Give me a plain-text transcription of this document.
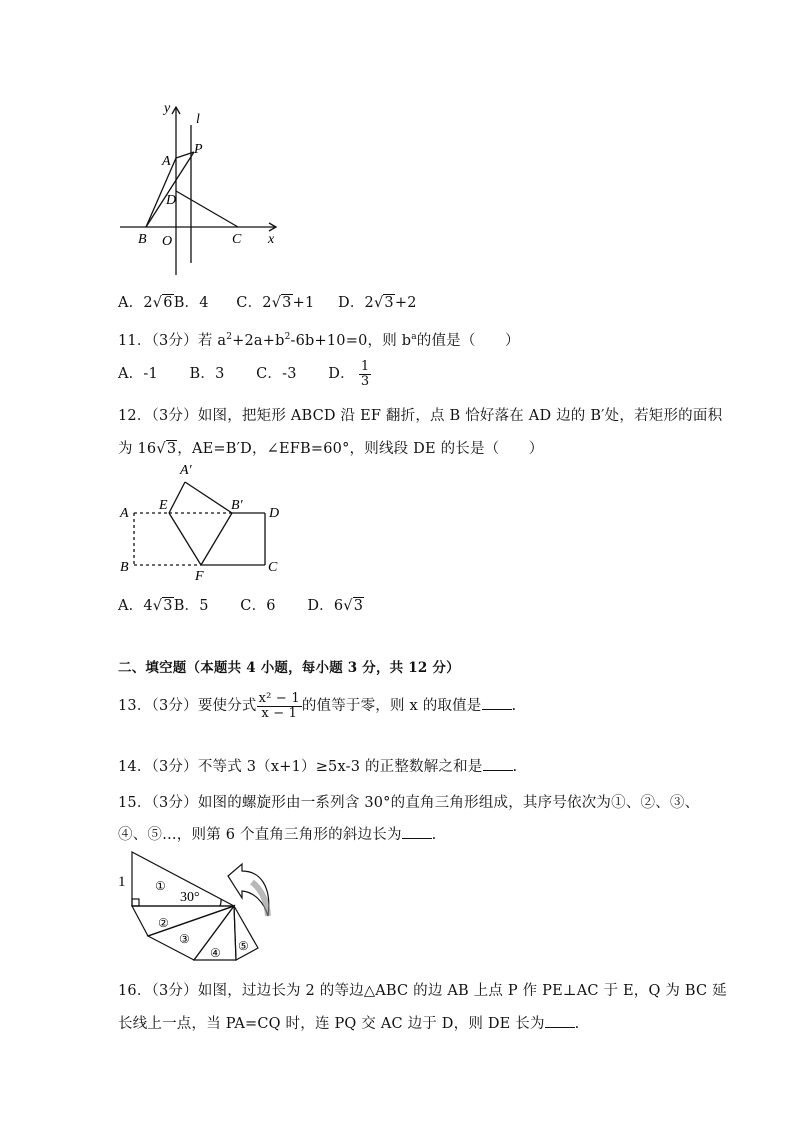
y
l
A
P
D
B O	C x
A．2√6B．4 C．2√3+1 D．2√3+2
11．（3分）若 $a^2+2a+b^2-6b+10=0$，则 $b^a$的值是（　　）
A．-1 B．3 C．-3 D． $\frac{1}{3}$
12．（3分）如图，把矩形 ABCD 沿 EF 翻折，点 B 恰好落在 AD 边的 B′处，若矩形的面积
为 16√3，AE=B′D，∠EFB=60°，则线段 DE 的长是（　　）
A′
A
E	B′
D
B
F
C
A．4√3B．5 C．6 D．6√3
二、填空题（本题共 4 小题，每小题 3 分，共 12 分）
13．（3分）要使分式 $\frac{\text{x² − 1}}{x - 1}$ 的值等于零，则 x 的取值是 .
14．（3分）不等式 3（x+1）≥5x-3 的正整数解之和是 .
15．（3分）如图的螺旋形由一系列含 30°的直角三角形组成，其序号依次为①、②、③、
④、⑤…，则第 6 个直角三角形的斜边长为 .
1
30°
①
②
③
④ ⑤
16．（3分）如图，过边长为 2 的等边△ABC 的边 AB 上点 P 作 PE⊥AC 于 E，Q 为 BC 延
长线上一点，当 PA=CQ 时，连 PQ 交 AC 边于 D，则 DE 长为 .
